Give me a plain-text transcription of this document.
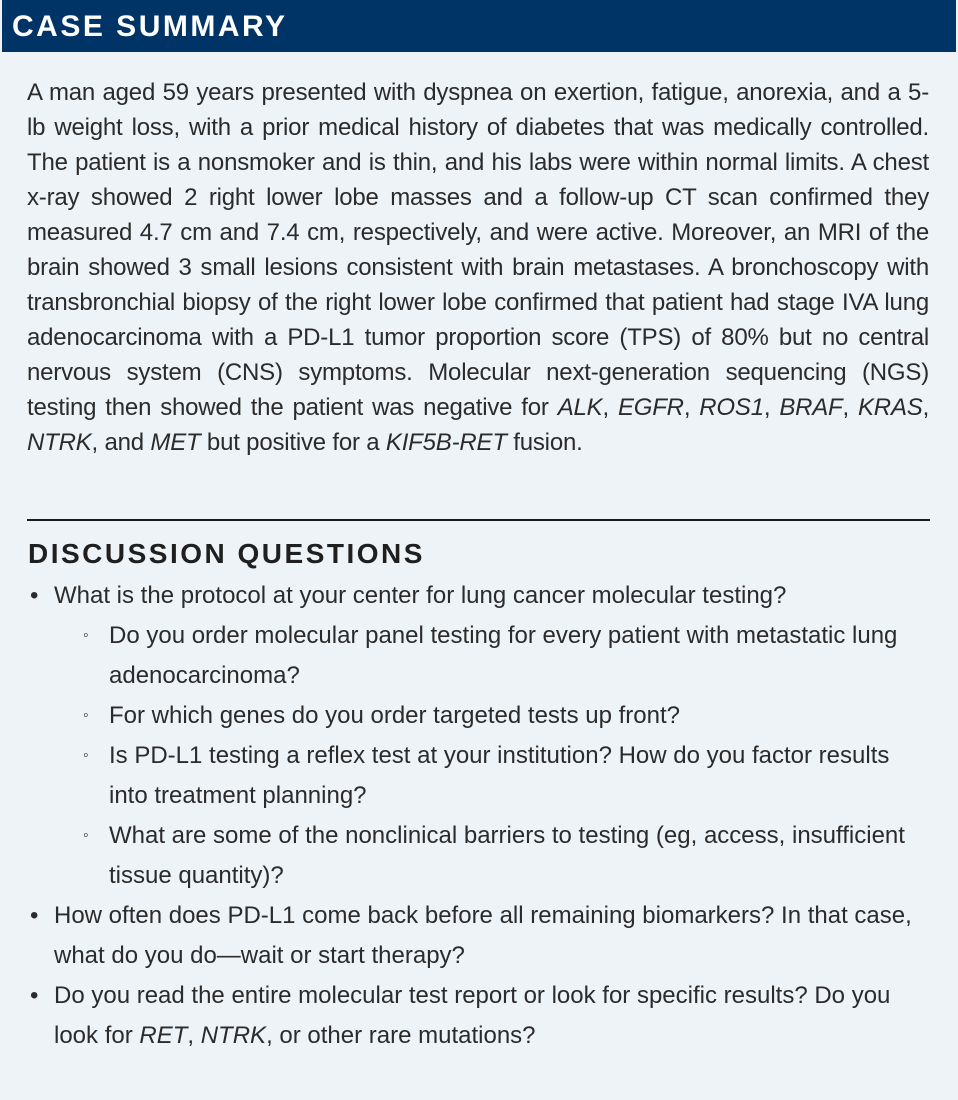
CASE SUMMARY

A man aged 59 years presented with dyspnea on exertion, fatigue, anorexia, and a 5-lb weight loss, with a prior medical history of diabetes that was medically controlled. The patient is a nonsmoker and is thin, and his labs were within normal limits. A chest x-ray showed 2 right lower lobe masses and a follow-up CT scan confirmed they measured 4.7 cm and 7.4 cm, respectively, and were active. Moreover, an MRI of the brain showed 3 small lesions consistent with brain metastases. A bronchoscopy with transbronchial biopsy of the right lower lobe confirmed that patient had stage IVA lung adenocarcinoma with a PD-L1 tumor proportion score (TPS) of 80% but no central nervous system (CNS) symptoms. Molecular next-generation sequencing (NGS) testing then showed the patient was negative for ALK, EGFR, ROS1, BRAF, KRAS, NTRK, and MET but positive for a KIF5B-RET fusion.

DISCUSSION QUESTIONS
• What is the protocol at your center for lung cancer molecular testing?
◦ Do you order molecular panel testing for every patient with metastatic lung adenocarcinoma?
◦ For which genes do you order targeted tests up front?
◦ Is PD-L1 testing a reflex test at your institution? How do you factor results into treatment planning?
◦ What are some of the nonclinical barriers to testing (eg, access, insufficient tissue quantity)?
• How often does PD-L1 come back before all remaining biomarkers? In that case, what do you do—wait or start therapy?
• Do you read the entire molecular test report or look for specific results? Do you look for RET, NTRK, or other rare mutations?
